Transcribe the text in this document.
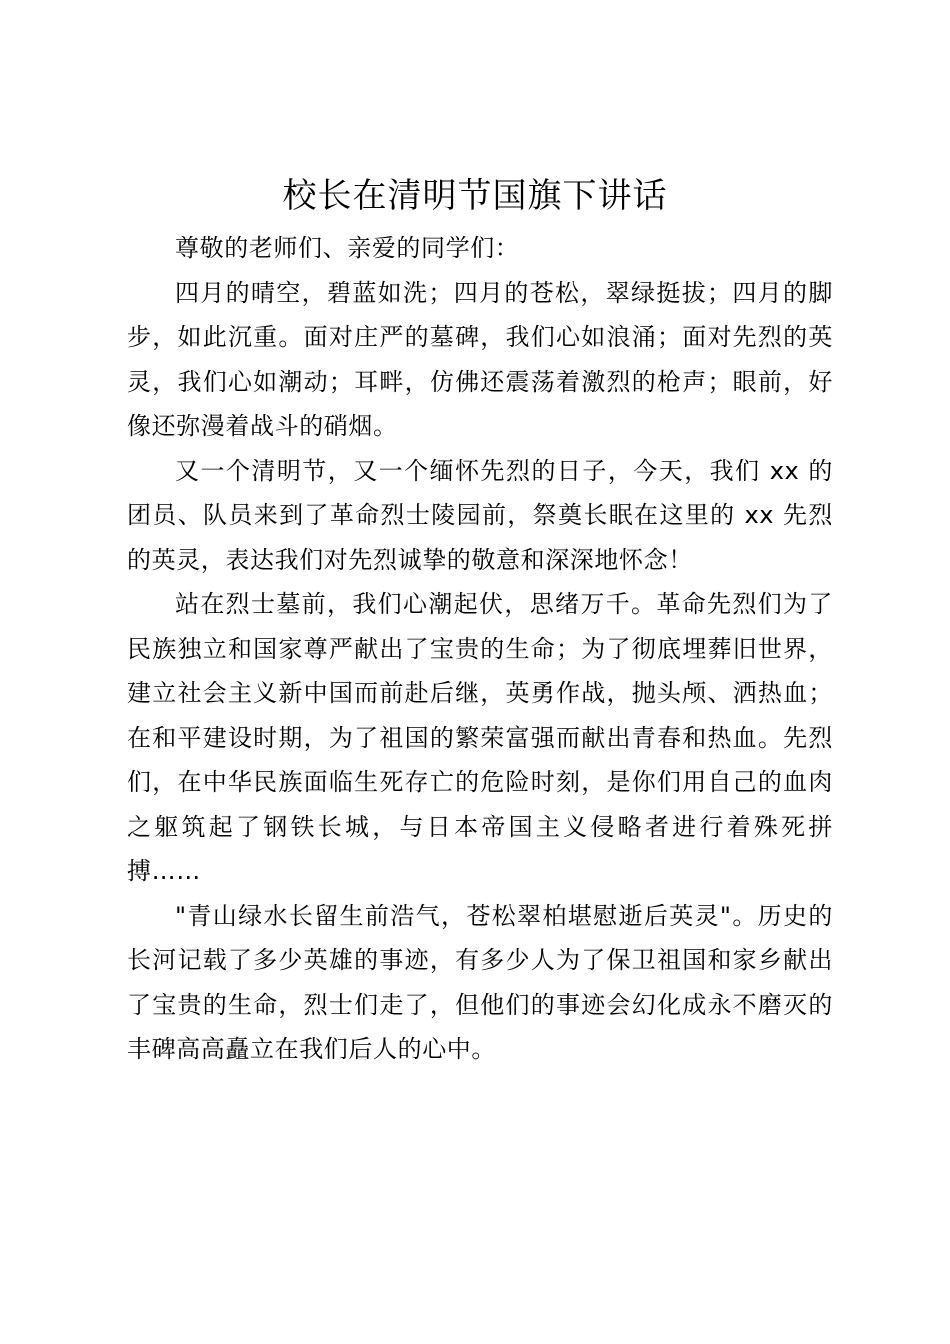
校长在清明节国旗下讲话

尊敬的老师们、亲爱的同学们：

四月的晴空，碧蓝如洗；四月的苍松，翠绿挺拔；四月的脚步，如此沉重。面对庄严的墓碑，我们心如浪涌；面对先烈的英灵，我们心如潮动；耳畔，仿佛还震荡着激烈的枪声；眼前，好像还弥漫着战斗的硝烟。

又一个清明节，又一个缅怀先烈的日子，今天，我们 xx 的团员、队员来到了革命烈士陵园前，祭奠长眠在这里的 xx 先烈的英灵，表达我们对先烈诚挚的敬意和深深地怀念！

站在烈士墓前，我们心潮起伏，思绪万千。革命先烈们为了民族独立和国家尊严献出了宝贵的生命；为了彻底埋葬旧世界，建立社会主义新中国而前赴后继，英勇作战，抛头颅、洒热血；在和平建设时期，为了祖国的繁荣富强而献出青春和热血。先烈们，在中华民族面临生死存亡的危险时刻，是你们用自己的血肉之躯筑起了钢铁长城，与日本帝国主义侵略者进行着殊死拼搏……

"青山绿水长留生前浩气，苍松翠柏堪慰逝后英灵"。历史的长河记载了多少英雄的事迹，有多少人为了保卫祖国和家乡献出了宝贵的生命，烈士们走了，但他们的事迹会幻化成永不磨灭的丰碑高高矗立在我们后人的心中。
